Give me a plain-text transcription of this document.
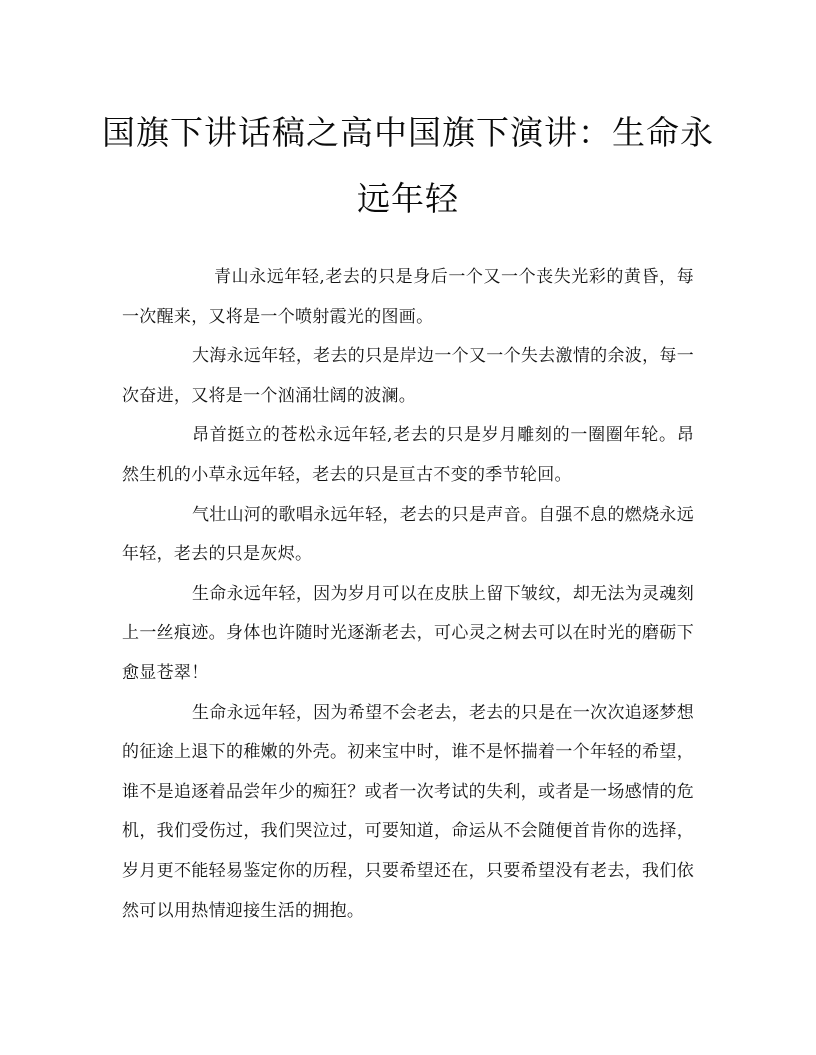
国旗下讲话稿之高中国旗下演讲：生命永远年轻

青山永远年轻,老去的只是身后一个又一个丧失光彩的黄昏，每一次醒来，又将是一个喷射霞光的图画。

大海永远年轻，老去的只是岸边一个又一个失去激情的余波，每一次奋进，又将是一个汹涌壮阔的波澜。

昂首挺立的苍松永远年轻,老去的只是岁月雕刻的一圈圈年轮。昂然生机的小草永远年轻，老去的只是亘古不变的季节轮回。

气壮山河的歌唱永远年轻，老去的只是声音。自强不息的燃烧永远年轻，老去的只是灰烬。

生命永远年轻，因为岁月可以在皮肤上留下皱纹，却无法为灵魂刻上一丝痕迹。身体也许随时光逐渐老去，可心灵之树去可以在时光的磨砺下愈显苍翠！

生命永远年轻，因为希望不会老去，老去的只是在一次次追逐梦想的征途上退下的稚嫩的外壳。初来宝中时，谁不是怀揣着一个年轻的希望，谁不是追逐着品尝年少的痴狂？或者一次考试的失利，或者是一场感情的危机，我们受伤过，我们哭泣过，可要知道，命运从不会随便首肯你的选择，岁月更不能轻易鉴定你的历程，只要希望还在，只要希望没有老去，我们依然可以用热情迎接生活的拥抱。
